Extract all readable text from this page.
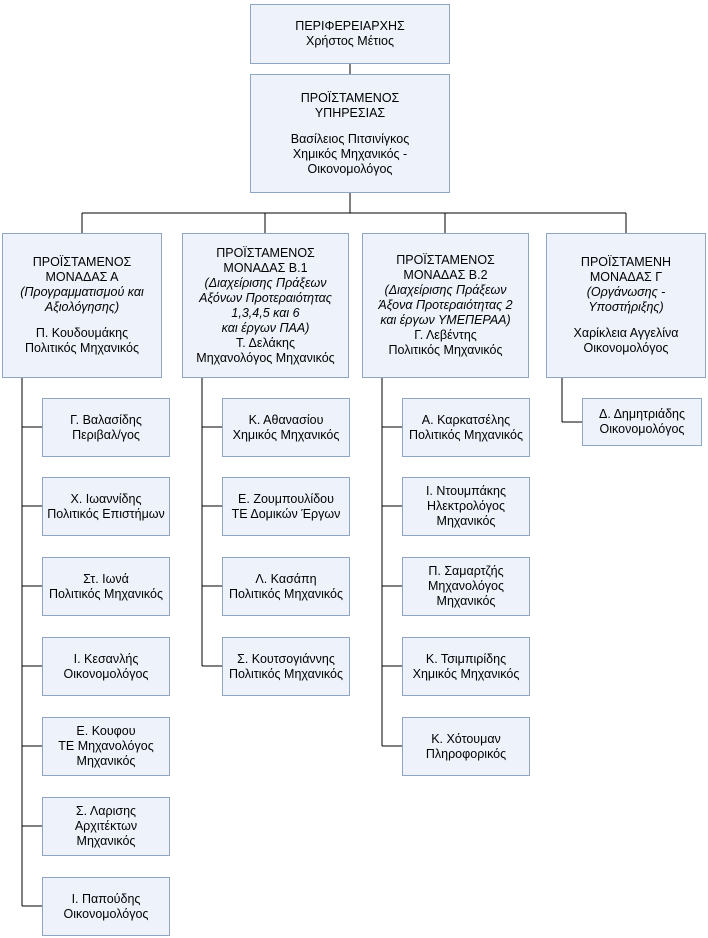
ΠΕΡΙΦΕΡΕΙΑΡΧΗΣ
Χρήστος Μέτιος
ΠΡΟΪΣΤΑΜΕΝΟΣ
ΥΠΗΡΕΣΙΑΣ
Βασίλειος Πιτσινίγκος
Χημικός Μηχανικός -
Οικονομολόγος
ΠΡΟΪΣΤΑΜΕΝΟΣ
ΜΟΝΑΔΑΣ Α
(Προγραμματισμού και
Αξιολόγησης)
Π. Κουδουμάκης
Πολιτικός Μηχανικός
ΠΡΟΪΣΤΑΜΕΝΟΣ
ΜΟΝΑΔΑΣ Β.1
(Διαχείρισης Πράξεων
Αξόνων Προτεραιότητας
1,3,4,5 και 6
και έργων ΠΑΑ)
Τ. Δελάκης
Μηχανολόγος Μηχανικός
ΠΡΟΪΣΤΑΜΕΝΟΣ
ΜΟΝΑΔΑΣ Β.2
(Διαχείρισης Πράξεων
Άξονα Προτεραιότητας 2
και έργων ΥΜΕΠΕΡΑΑ)
Γ. Λεβέντης
Πολιτικός Μηχανικός
ΠΡΟΪΣΤΑΜΕΝΗ
ΜΟΝΑΔΑΣ Γ
(Οργάνωσης -
Υποστήριξης)
Χαρίκλεια Αγγελίνα
Οικονομολόγος
Γ. Βαλασίδης
Περιβαλ/γος
Χ. Ιωαννίδης
Πολιτικός Επιστήμων
Στ. Ιωνά
Πολιτικός Μηχανικός
Ι. Κεσανλής
Οικονομολόγος
Ε. Κουφου
ΤΕ Μηχανολόγος
Μηχανικός
Σ. Λαρισης
Αρχιτέκτων
Μηχανικός
Ι. Παπούδης
Οικονομολόγος
Κ. Αθανασίου
Χημικός Μηχανικός
Ε. Ζουμπουλίδου
ΤΕ Δομικών Έργων
Λ. Κασάπη
Πολιτικός Μηχανικός
Σ. Κουτσογιάννης
Πολιτικός Μηχανικός
Α. Καρκατσέλης
Πολιτικός Μηχανικός
Ι. Ντουμπάκης
Ηλεκτρολόγος
Μηχανικός
Π. Σαμαρτζής
Μηχανολόγος
Μηχανικός
Κ. Τσιμπιρίδης
Χημικός Μηχανικός
Κ. Χότουμαν
Πληροφορικός
Δ. Δημητριάδης
Οικονομολόγος
